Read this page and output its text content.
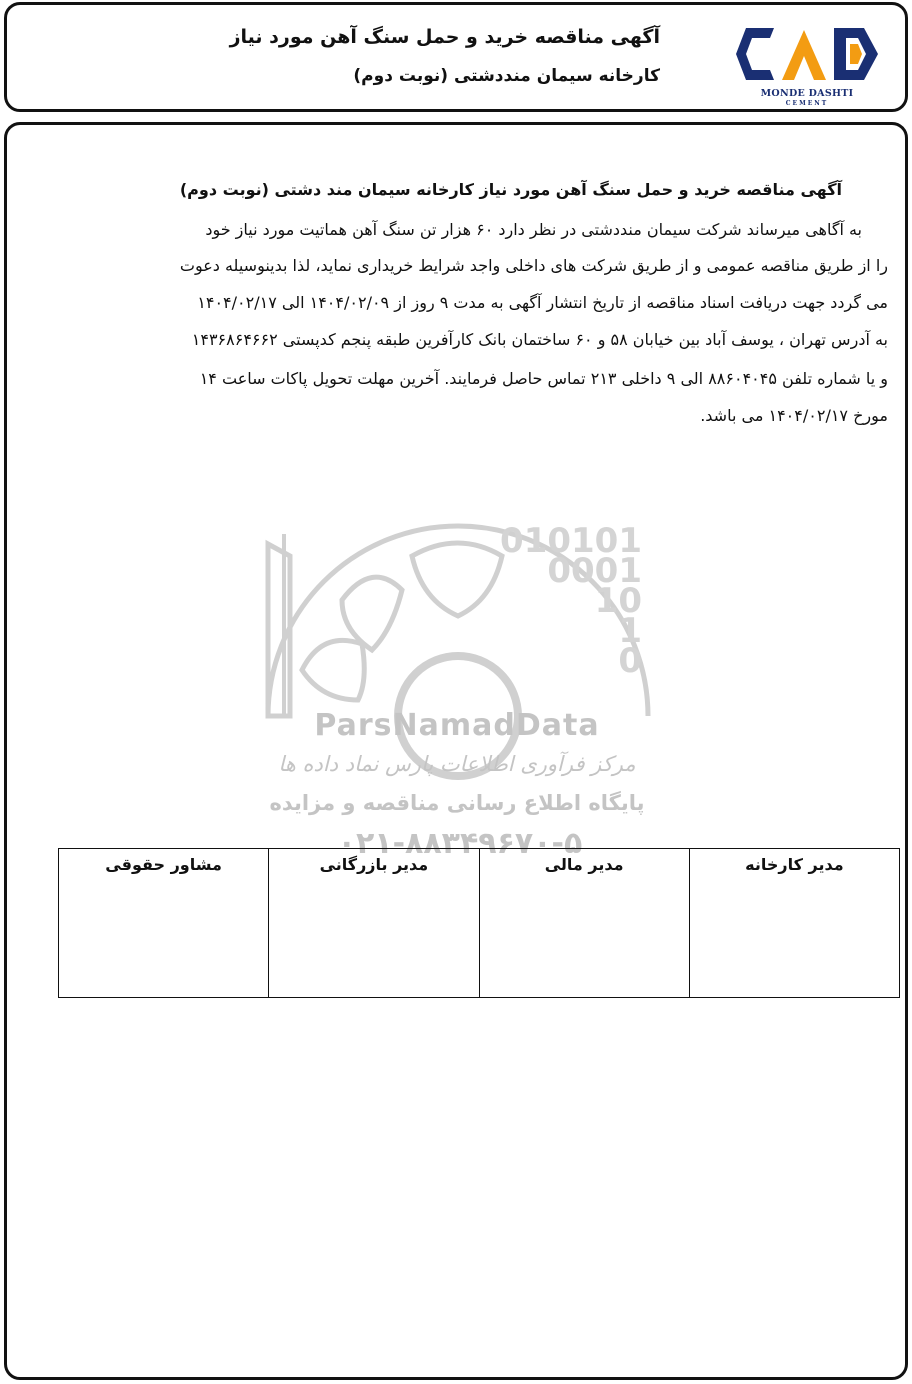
آگهی مناقصه خرید و حمل سنگ آهن مورد نیاز
کارخانه سیمان منددشتی (نوبت دوم)
MONDE DASHTI
CEMENT
آگهی مناقصه خرید و حمل سنگ آهن مورد نیاز کارخانه سیمان مند دشتی (نوبت دوم)
به آگاهی میرساند شرکت سیمان منددشتی در نظر دارد ۶۰ هزار تن سنگ آهن هماتیت مورد نیاز خود
را از طریق مناقصه عمومی و از طریق شرکت های داخلی واجد شرایط خریداری نماید، لذا بدینوسیله دعوت
می گردد جهت دریافت اسناد مناقصه از تاریخ انتشار آگهی به مدت ۹ روز از ۱۴۰۴/۰۲/۰۹ الی ۱۴۰۴/۰۲/۱۷
به آدرس تهران ، یوسف آباد بین خیابان ۵۸ و ۶۰ ساختمان بانک کارآفرین طبقه پنجم کدپستی ۱۴۳۶۸۶۴۶۶۲
و یا شماره تلفن ۸۸۶۰۴۰۴۵ الی ۹ داخلی ۲۱۳ تماس حاصل فرمایند. آخرین مهلت تحویل پاکات ساعت ۱۴
مورخ ۱۴۰۴/۰۲/۱۷ می باشد.
010101
0001
10
1
0
ParsNamadData
مرکز فرآوری اطلاعات پارس نماد داده ها
پایگاه اطلاع رسانی مناقصه و مزایده
۰۲۱-۸۸۳۴۹۶۷۰-۵
مدیر کارخانه	مدیر مالی	مدیر بازرگانی	مشاور حقوقی
